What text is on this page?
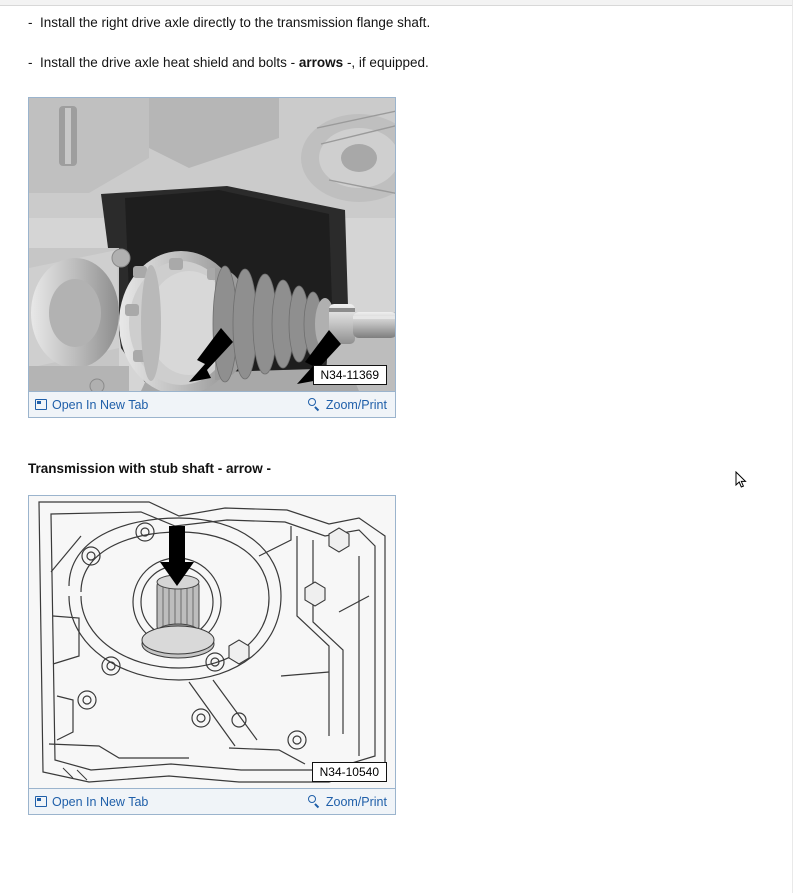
- Install the right drive axle directly to the transmission flange shaft.
- Install the drive axle heat shield and bolts - arrows -, if equipped.
N34-11369
Open In New Tab	Zoom/Print
Transmission with stub shaft - arrow -
N34-10540
Open In New Tab	Zoom/Print
